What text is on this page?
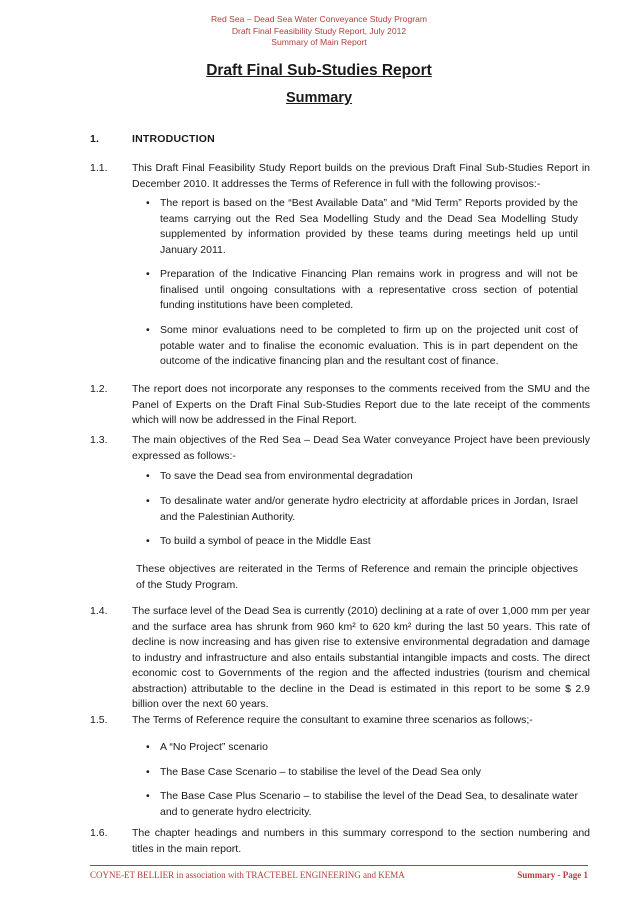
Red Sea – Dead Sea Water Conveyance Study Program
Draft Final Feasibility Study Report, July 2012
Summary of Main Report
Draft Final Sub-Studies Report
Summary
1.	INTRODUCTION
1.1. This Draft Final Feasibility Study Report builds on the previous Draft Final Sub-Studies Report in December 2010. It addresses the Terms of Reference in full with the following provisos:-
• The report is based on the “Best Available Data” and “Mid Term” Reports provided by the teams carrying out the Red Sea Modelling Study and the Dead Sea Modelling Study supplemented by information provided by these teams during meetings held up until January 2011.
• Preparation of the Indicative Financing Plan remains work in progress and will not be finalised until ongoing consultations with a representative cross section of potential funding institutions have been completed.
• Some minor evaluations need to be completed to firm up on the projected unit cost of potable water and to finalise the economic evaluation. This is in part dependent on the outcome of the indicative financing plan and the resultant cost of finance.
1.2. The report does not incorporate any responses to the comments received from the SMU and the Panel of Experts on the Draft Final Sub-Studies Report due to the late receipt of the comments which will now be addressed in the Final Report.
1.3. The main objectives of the Red Sea – Dead Sea Water conveyance Project have been previously expressed as follows:-
• To save the Dead sea from environmental degradation
• To desalinate water and/or generate hydro electricity at affordable prices in Jordan, Israel and the Palestinian Authority.
• To build a symbol of peace in the Middle East
These objectives are reiterated in the Terms of Reference and remain the principle objectives of the Study Program.
1.4. The surface level of the Dead Sea is currently (2010) declining at a rate of over 1,000 mm per year and the surface area has shrunk from 960 km² to 620 km² during the last 50 years. This rate of decline is now increasing and has given rise to extensive environmental degradation and damage to industry and infrastructure and also entails substantial intangible impacts and costs. The direct economic cost to Governments of the region and the affected industries (tourism and chemical abstraction) attributable to the decline in the Dead is estimated in this report to be some $ 2.9 billion over the next 60 years.
1.5. The Terms of Reference require the consultant to examine three scenarios as follows;-
• A “No Project” scenario
• The Base Case Scenario – to stabilise the level of the Dead Sea only
• The Base Case Plus Scenario – to stabilise the level of the Dead Sea, to desalinate water and to generate hydro electricity.
1.6. The chapter headings and numbers in this summary correspond to the section numbering and titles in the main report.
COYNE-ET BELLIER in association with TRACTEBEL ENGINEERING and KEMA	Summary - Page 1
